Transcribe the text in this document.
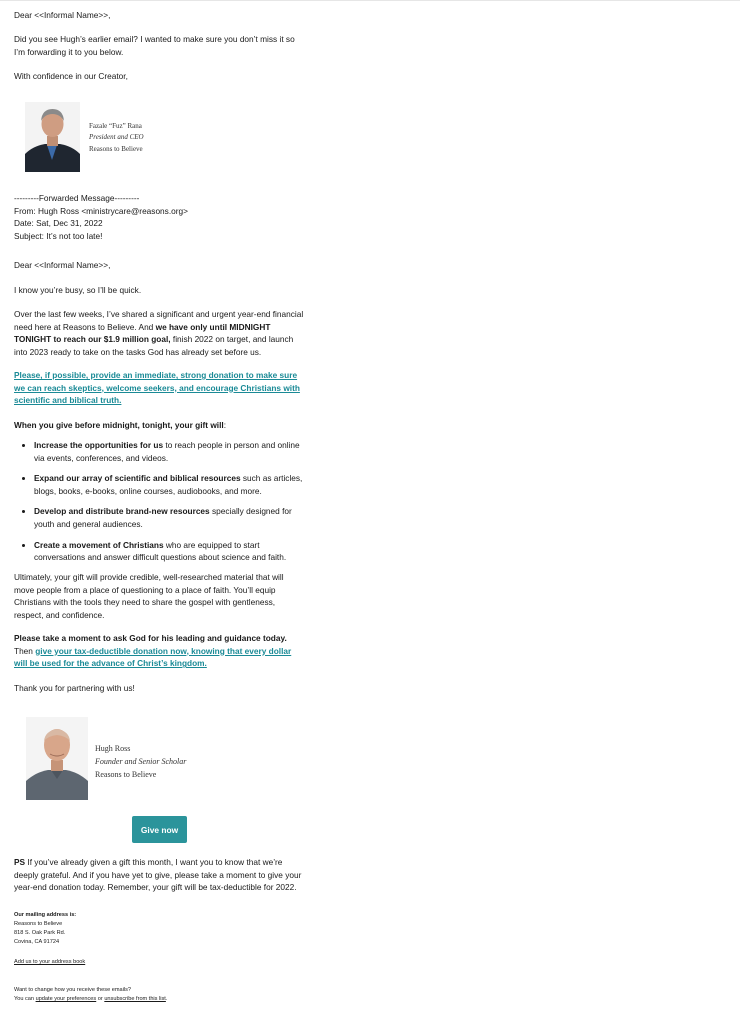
Dear <<Informal Name>>,

Did you see Hugh’s earlier email? I wanted to make sure you don’t miss it so I’m forwarding it to you below.

With confidence in our Creator,

Fazale “Fuz” Rana
President and CEO
Reasons to Believe

---------Forwarded Message---------

From: Hugh Ross <ministrycare@reasons.org>

Date: Sat, Dec 31, 2022

Subject: It’s not too late!

Dear <<Informal Name>>,

I know you’re busy, so I’ll be quick.

Over the last few weeks, I’ve shared a significant and urgent year-end financial need here at Reasons to Believe. And we have only until MIDNIGHT TONIGHT to reach our $1.9 million goal, finish 2022 on target, and launch into 2023 ready to take on the tasks God has already set before us.

Please, if possible, provide an immediate, strong donation to make sure we can reach skeptics, welcome seekers, and encourage Christians with scientific and biblical truth.

When you give before midnight, tonight, your gift will:

• Increase the opportunities for us to reach people in person and online via events, conferences, and videos.
• Expand our array of scientific and biblical resources such as articles, blogs, books, e-books, online courses, audiobooks, and more.
• Develop and distribute brand-new resources specially designed for youth and general audiences.
• Create a movement of Christians who are equipped to start conversations and answer difficult questions about science and faith.

Ultimately, your gift will provide credible, well-researched material that will move people from a place of questioning to a place of faith. You’ll equip Christians with the tools they need to share the gospel with gentleness, respect, and confidence.

Please take a moment to ask God for his leading and guidance today. Then give your tax-deductible donation now, knowing that every dollar will be used for the advance of Christ’s kingdom.

Thank you for partnering with us!

Hugh Ross
Founder and Senior Scholar
Reasons to Believe
Give now

PS If you’ve already given a gift this month, I want you to know that we’re deeply grateful. And if you have yet to give, please take a moment to give your year-end donation today. Remember, your gift will be tax-deductible for 2022.

Our mailing address is:

Reasons to Believe

818 S. Oak Park Rd.

Covina, CA 91724

Add us to your address book

Want to change how you receive these emails?

You can update your preferences or unsubscribe from this list.
